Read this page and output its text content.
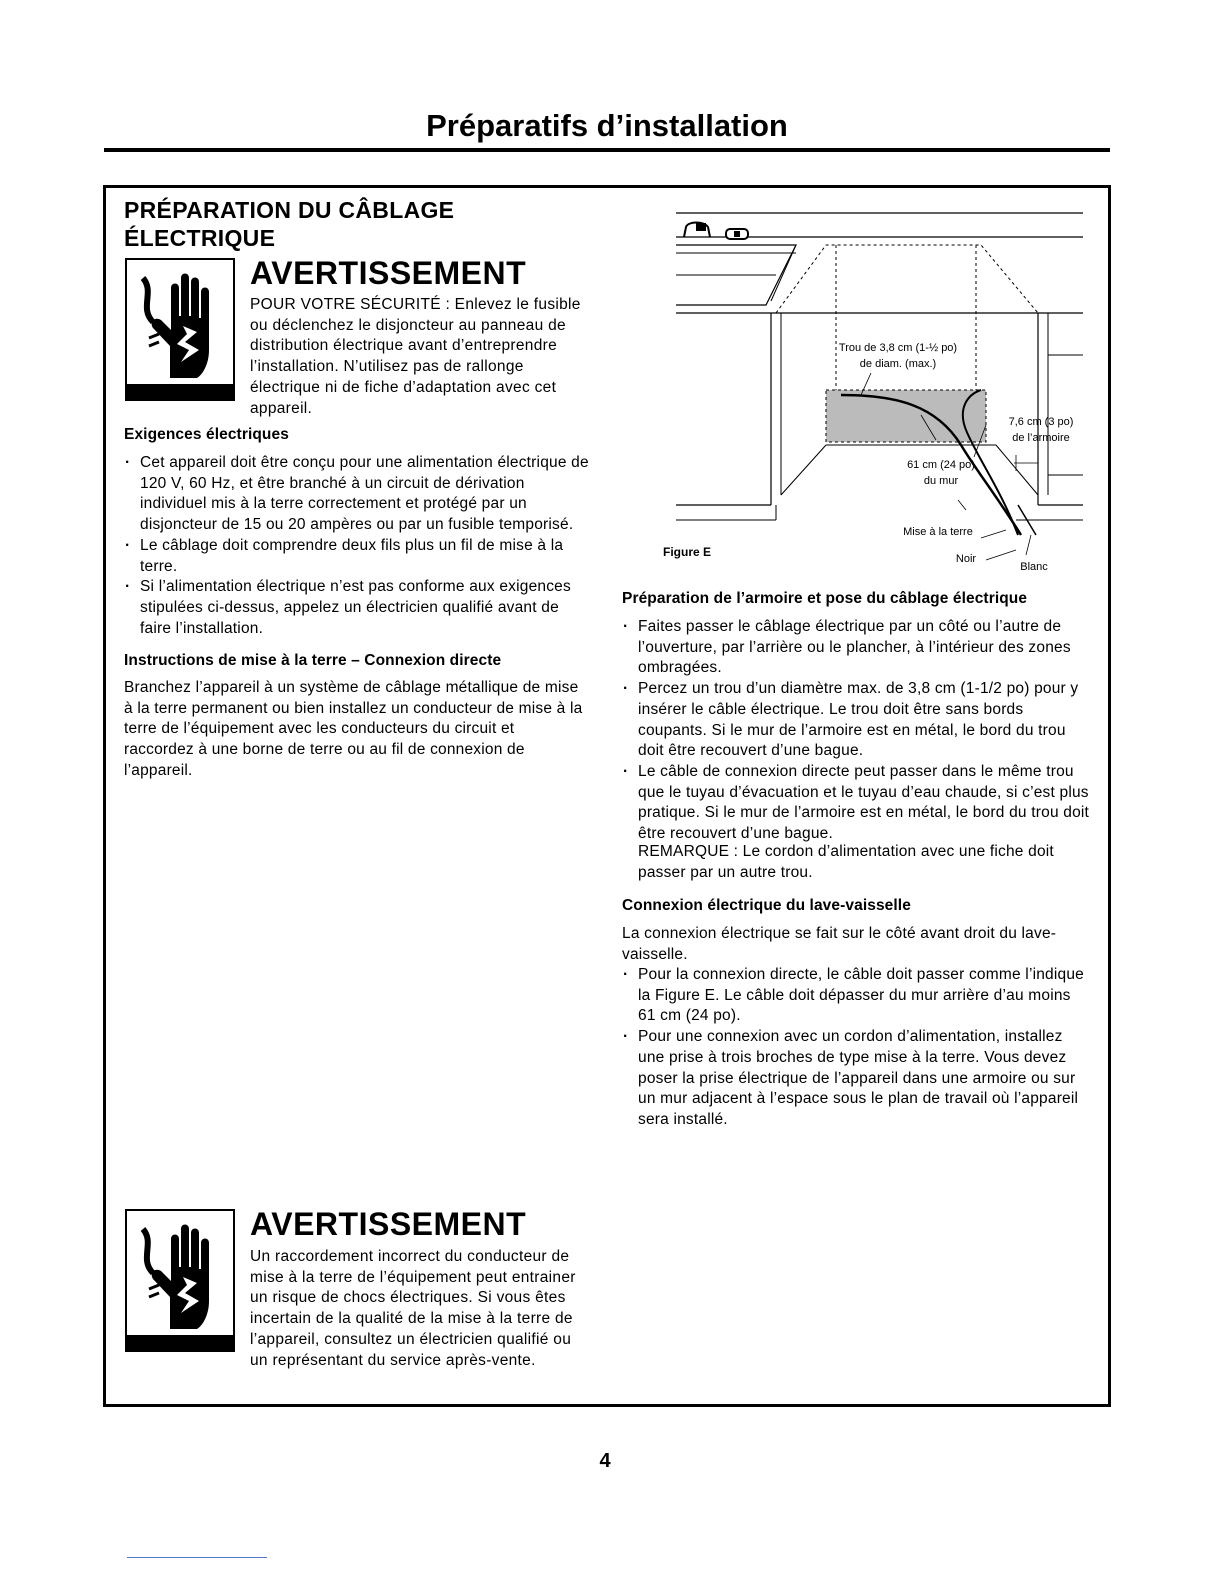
Préparatifs d’installation
PRÉPARATION DU CÂBLAGE
ÉLECTRIQUE
AVERTISSEMENT
POUR VOTRE SÉCURITÉ : Enlevez le fusible ou déclenchez le disjoncteur au panneau de distribution électrique avant d’entreprendre l’installation. N’utilisez pas de rallonge électrique ni de fiche d’adaptation avec cet appareil.
Exigences électriques
· Cet appareil doit être conçu pour une alimentation électrique de 120 V, 60 Hz, et être branché à un circuit de dérivation individuel mis à la terre correctement et protégé par un disjoncteur de 15 ou 20 ampères ou par un fusible temporisé.
· Le câblage doit comprendre deux fils plus un fil de mise à la terre.
· Si l’alimentation électrique n’est pas conforme aux exigences stipulées ci-dessus, appelez un électricien qualifié avant de faire l’installation.
Instructions de mise à la terre – Connexion directe
Branchez l’appareil à un système de câblage métallique de mise à la terre permanent ou bien installez un conducteur de mise à la terre de l’équipement avec les conducteurs du circuit et raccordez à une borne de terre ou au fil de connexion de l’appareil.
AVERTISSEMENT
Un raccordement incorrect du conducteur de mise à la terre de l’équipement peut entrainer un risque de chocs électriques. Si vous êtes incertain de la qualité de la mise à la terre de l’appareil, consultez un électricien qualifié ou un représentant du service après-vente.
Trou de 3,8 cm (1-½ po)
de diam. (max.)
7,6 cm (3 po)
de l’armoire
61 cm (24 po)
du mur
Mise à la terre
Noir
Blanc
Figure E
Préparation de l’armoire et pose du câblage électrique
· Faites passer le câblage électrique par un côté ou l’autre de l’ouverture, par l’arrière ou le plancher, à l’intérieur des zones ombragées.
· Percez un trou d’un diamètre max. de 3,8 cm (1-1/2 po) pour y insérer le câble électrique. Le trou doit être sans bords coupants. Si le mur de l’armoire est en métal, le bord du trou doit être recouvert d’une bague.
· Le câble de connexion directe peut passer dans le même trou que le tuyau d’évacuation et le tuyau d’eau chaude, si c’est plus pratique. Si le mur de l’armoire est en métal, le bord du trou doit être recouvert d’une bague.
REMARQUE : Le cordon d’alimentation avec une fiche doit passer par un autre trou.
Connexion électrique du lave-vaisselle
La connexion électrique se fait sur le côté avant droit du lave-vaisselle.
· Pour la connexion directe, le câble doit passer comme l’indique la Figure E. Le câble doit dépasser du mur arrière d’au moins 61 cm (24 po).
· Pour une connexion avec un cordon d’alimentation, installez une prise à trois broches de type mise à la terre. Vous devez poser la prise électrique de l’appareil dans une armoire ou sur un mur adjacent à l’espace sous le plan de travail où l’appareil sera installé.
4
